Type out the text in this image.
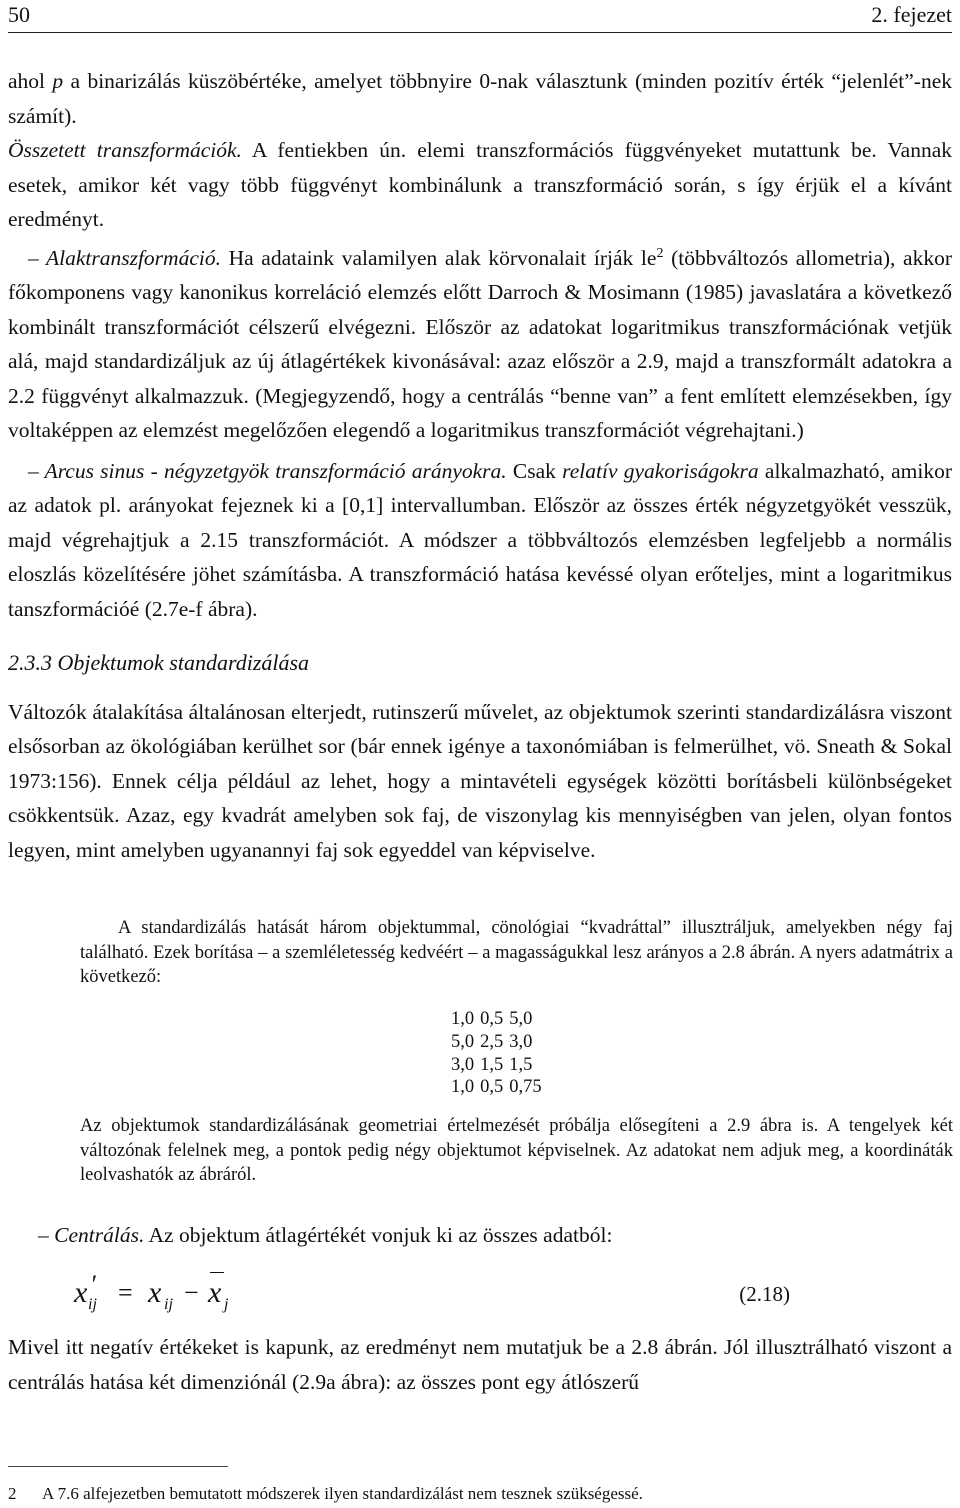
50	2. fejezet

ahol p a binarizálás küszöbértéke, amelyet többnyire 0-nak választunk (minden pozitív érték “jelenlét”-nek számít).

Összetett transzformációk. A fentiekben ún. elemi transzformációs függvényeket mutattunk be. Vannak esetek, amikor két vagy több függvényt kombinálunk a transzformáció során, s így érjük el a kívánt eredményt.

– Alaktranszformáció. Ha adataink valamilyen alak körvonalait írják $le^2$ (többváltozós allometria), akkor főkomponens vagy kanonikus korreláció elemzés előtt Darroch & Mosimann (1985) javaslatára a következő kombinált transzformációt célszerű elvégezni. Először az adatokat logaritmikus transzformációnak vetjük alá, majd standardizáljuk az új átlagértékek kivonásával: azaz először a 2.9, majd a transzformált adatokra a 2.2 függvényt alkalmazzuk. (Megjegyzendő, hogy a centrálás “benne van” a fent említett elemzésekben, így voltaképpen az elemzést megelőzően elegendő a logaritmikus transzformációt végrehajtani.)

– Arcus sinus - négyzetgyök transzformáció arányokra. Csak relatív gyakoriságokra alkalmazható, amikor az adatok pl. arányokat fejeznek ki a [0,1] intervallumban. Először az összes érték négyzetgyökét vesszük, majd végrehajtjuk a 2.15 transzformációt. A módszer a többváltozós elemzésben legfeljebb a normális eloszlás közelítésére jöhet számításba. A transzformáció hatása kevéssé olyan erőteljes, mint a logaritmikus tanszformációé (2.7e-f ábra).

2.3.3 Objektumok standardizálása

Változók átalakítása általánosan elterjedt, rutinszerű művelet, az objektumok szerinti standardizálásra viszont elsősorban az ökológiában kerülhet sor (bár ennek igénye a taxonómiában is felmerülhet, vö. Sneath & Sokal 1973:156). Ennek célja például az lehet, hogy a mintavételi egységek közötti borításbeli különbségeket csökkentsük. Azaz, egy kvadrát amelyben sok faj, de viszonylag kis mennyiségben van jelen, olyan fontos legyen, mint amelyben ugyanannyi faj sok egyeddel van képviselve.

A standardizálás hatását három objektummal, cönológiai “kvadráttal” illusztráljuk, amelyekben négy faj található. Ezek borítása – a szemléletesség kedvéért – a magasságukkal lesz arányos a 2.8 ábrán. A nyers adatmátrix a következő:

1,0	0,5	5,0
5,0	2,5	3,0
3,0	1,5	1,5
1,0	0,5	0,75

Az objektumok standardizálásának geometriai értelmezését próbálja elősegíteni a 2.9 ábra is. A tengelyek két változónak felelnek meg, a pontok pedig négy objektumot képviselnek. Az adatokat nem adjuk meg, a koordináták leolvashatók az ábráról.

– Centrálás. Az objektum átlagértékét vonjuk ki az összes adatból:

x ′
ij = x ij − x j	(2.18)

Mivel itt negatív értékeket is kapunk, az eredményt nem mutatjuk be a 2.8 ábrán. Jól illusztrálható viszont a centrálás hatása két dimenziónál (2.9a ábra): az összes pont egy átlószerű

2 A 7.6 alfejezetben bemutatott módszerek ilyen standardizálást nem tesznek szükségessé.
